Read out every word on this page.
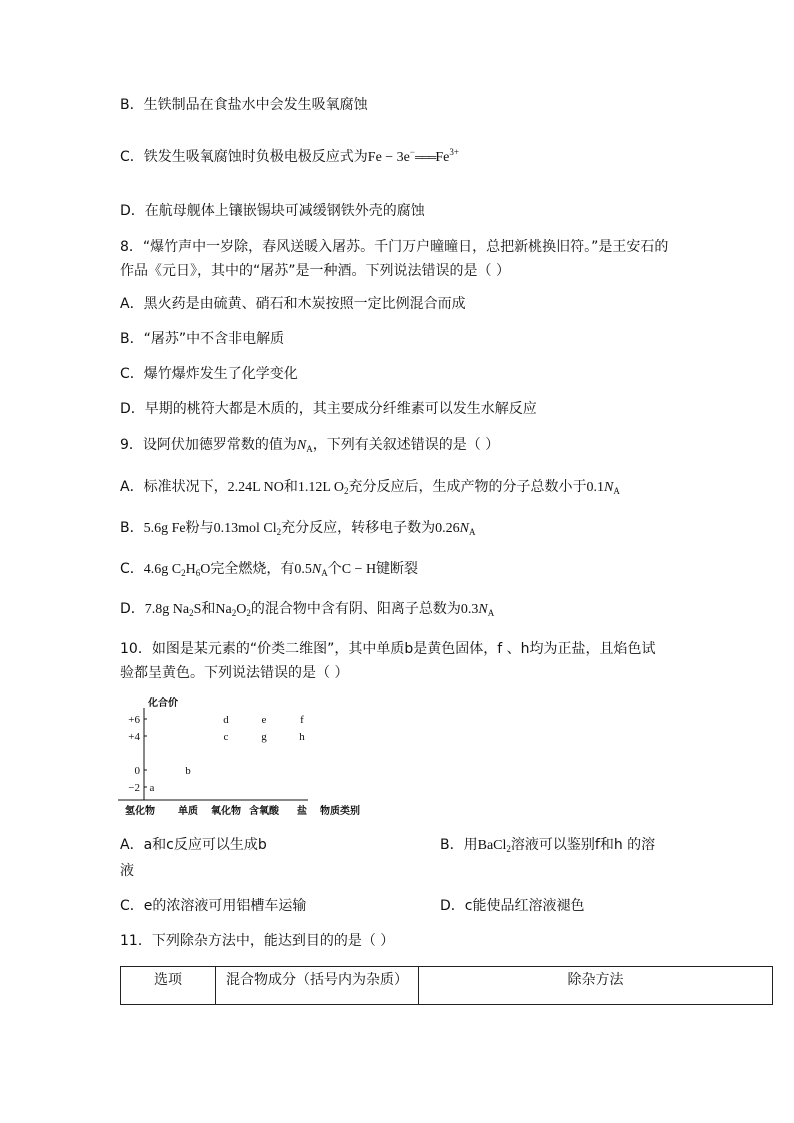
B．生铁制品在食盐水中会发生吸氧腐蚀
C．铁发生吸氧腐蚀时负极电极反应式为$Fe - 3e^-═══Fe^{3+}$
D．在航母舰体上镶嵌锡块可减缓钢铁外壳的腐蚀
8．“爆竹声中一岁除，春风送暖入屠苏。千门万户曈曈日，总把新桃换旧符。”是王安石的
作品《元日》，其中的“屠苏”是一种酒。下列说法错误的是（ ）
A．黑火药是由硫黄、硝石和木炭按照一定比例混合而成
B．“屠苏”中不含非电解质
C．爆竹爆炸发生了化学变化
D．早期的桃符大都是木质的，其主要成分纤维素可以发生水解反应
9．设阿伏加德罗常数的值为$N_A$，下列有关叙述错误的是（ ）
A．标准状况下，2.24L NO和1.12L $O_2$充分反应后，生成产物的分子总数小于$0.1N_A$
B．5.6g Fe粉与0.13mol $Cl_2$充分反应，转移电子数为$0.26N_A$
C．4.6g $C_2H_6O$完全燃烧，有$0.5N_A$个C − H键断裂
D．7.8g $Na_2S$和$Na_2O_2$的混合物中含有阴、阳离子总数为$0.3N_A$
10．如图是某元素的“价类二维图”，其中单质b是黄色固体，f 、h均为正盐，且焰色试
验都呈黄色。下列说法错误的是（ ）
+6
+4
0
−2
氢化物 单质 氧化物 含氧酸 盐
a
b
c
d	e
g
f
h
化合价
物质类别
A．a和c反应可以生成b	B．用BaCl$_2$溶液可以鉴别f和h 的溶
液
C．e的浓溶液可用铝槽车运输	D．c能使品红溶液褪色
11．下列除杂方法中，能达到目的的是（ ）
选项	混合物成分（括号内为杂质）	除杂方法
